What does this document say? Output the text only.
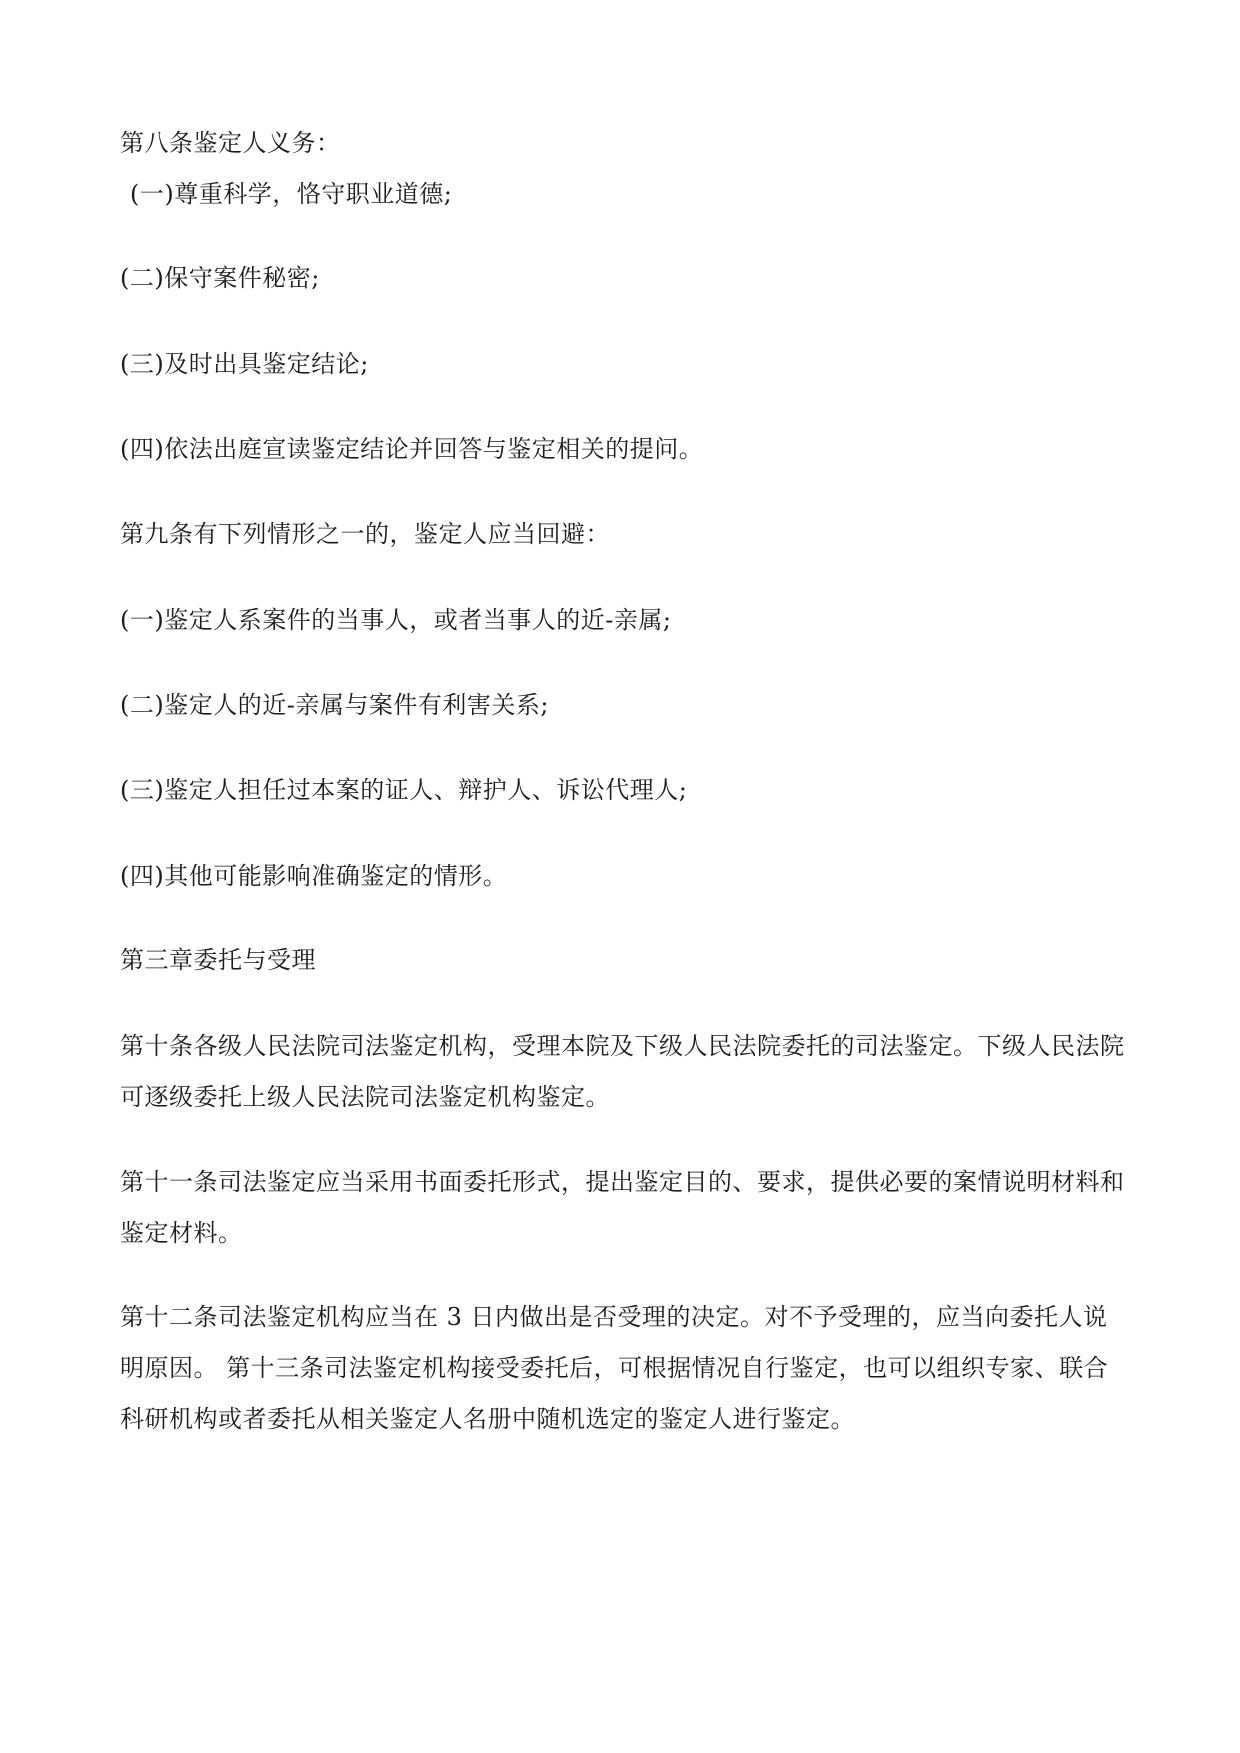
第八条鉴定人义务：
(一)尊重科学，恪守职业道德;
(二)保守案件秘密;
(三)及时出具鉴定结论;
(四)依法出庭宣读鉴定结论并回答与鉴定相关的提问。
第九条有下列情形之一的，鉴定人应当回避：
(一)鉴定人系案件的当事人，或者当事人的近-亲属;
(二)鉴定人的近-亲属与案件有利害关系;
(三)鉴定人担任过本案的证人、辩护人、诉讼代理人;
(四)其他可能影响准确鉴定的情形。
第三章委托与受理
第十条各级人民法院司法鉴定机构，受理本院及下级人民法院委托的司法鉴定。下级人民法院可逐级委托上级人民法院司法鉴定机构鉴定。
第十一条司法鉴定应当采用书面委托形式，提出鉴定目的、要求，提供必要的案情说明材料和鉴定材料。
第十二条司法鉴定机构应当在 3 日内做出是否受理的决定。对不予受理的，应当向委托人说明原因。 第十三条司法鉴定机构接受委托后，可根据情况自行鉴定，也可以组织专家、联合科研机构或者委托从相关鉴定人名册中随机选定的鉴定人进行鉴定。
